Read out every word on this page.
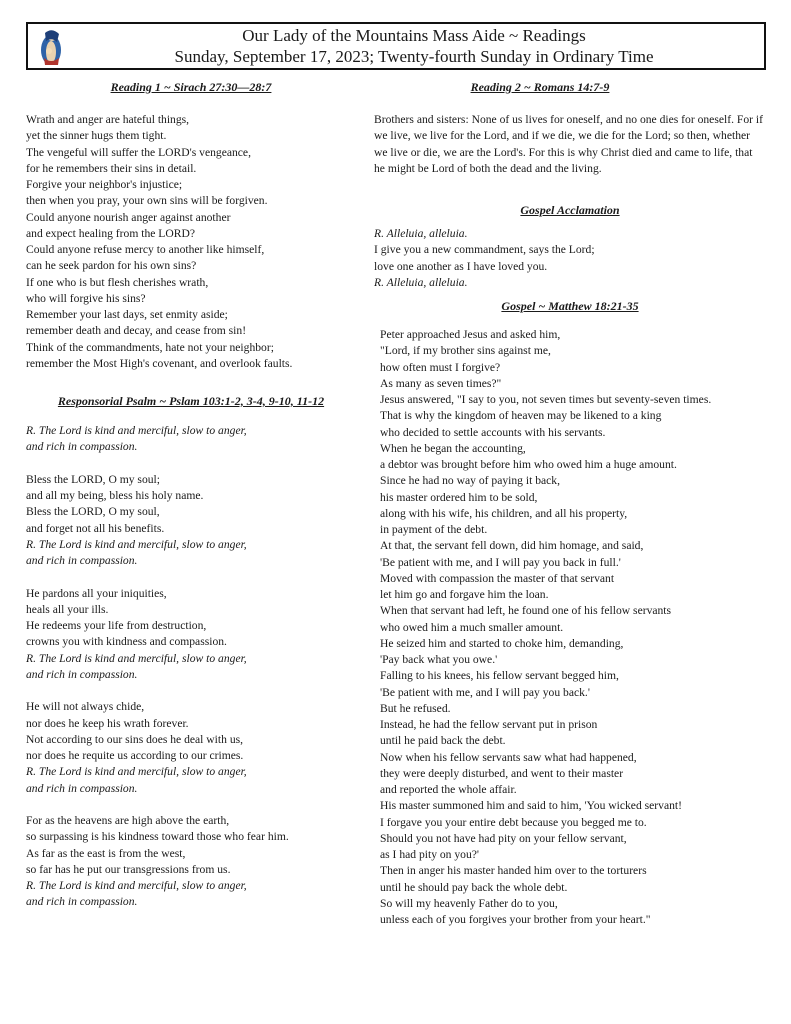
Our Lady of the Mountains Mass Aide ~ Readings
Sunday, September 17, 2023; Twenty-fourth Sunday in Ordinary Time
Reading 1 ~ Sirach 27:30—28:7
Wrath and anger are hateful things,
yet the sinner hugs them tight.
The vengeful will suffer the LORD's vengeance,
for he remembers their sins in detail.
Forgive your neighbor's injustice;
then when you pray, your own sins will be forgiven.
Could anyone nourish anger against another
and expect healing from the LORD?
Could anyone refuse mercy to another like himself,
can he seek pardon for his own sins?
If one who is but flesh cherishes wrath,
who will forgive his sins?
Remember your last days, set enmity aside;
remember death and decay, and cease from sin!
Think of the commandments, hate not your neighbor;
remember the Most High's covenant, and overlook faults.
Responsorial Psalm ~ Pslam 103:1-2, 3-4, 9-10, 11-12
R. The Lord is kind and merciful, slow to anger,
and rich in compassion.
Bless the LORD, O my soul;
and all my being, bless his holy name.
Bless the LORD, O my soul,
and forget not all his benefits.
R. The Lord is kind and merciful, slow to anger,
and rich in compassion.
He pardons all your iniquities,
heals all your ills.
He redeems your life from destruction,
crowns you with kindness and compassion.
R. The Lord is kind and merciful, slow to anger,
and rich in compassion.
He will not always chide,
nor does he keep his wrath forever.
Not according to our sins does he deal with us,
nor does he requite us according to our crimes.
R. The Lord is kind and merciful, slow to anger,
and rich in compassion.
For as the heavens are high above the earth,
so surpassing is his kindness toward those who fear him.
As far as the east is from the west,
so far has he put our transgressions from us.
R. The Lord is kind and merciful, slow to anger,
and rich in compassion.
Reading 2 ~ Romans 14:7-9
Brothers and sisters: None of us lives for oneself, and no one dies for oneself. For if we live, we live for the Lord, and if we die, we die for the Lord; so then, whether we live or die, we are the Lord's. For this is why Christ died and came to life, that he might be Lord of both the dead and the living.
Gospel Acclamation
R. Alleluia, alleluia.
I give you a new commandment, says the Lord;
love one another as I have loved you.
R. Alleluia, alleluia.
Gospel ~ Matthew 18:21-35
Peter approached Jesus and asked him,
"Lord, if my brother sins against me,
how often must I forgive?
As many as seven times?"
Jesus answered, "I say to you, not seven times but seventy-seven times.
That is why the kingdom of heaven may be likened to a king
who decided to settle accounts with his servants.
When he began the accounting,
a debtor was brought before him who owed him a huge amount.
Since he had no way of paying it back,
his master ordered him to be sold,
along with his wife, his children, and all his property,
in payment of the debt.
At that, the servant fell down, did him homage, and said,
'Be patient with me, and I will pay you back in full.'
Moved with compassion the master of that servant
let him go and forgave him the loan.
When that servant had left, he found one of his fellow servants
who owed him a much smaller amount.
He seized him and started to choke him, demanding,
'Pay back what you owe.'
Falling to his knees, his fellow servant begged him,
'Be patient with me, and I will pay you back.'
But he refused.
Instead, he had the fellow servant put in prison
until he paid back the debt.
Now when his fellow servants saw what had happened,
they were deeply disturbed, and went to their master
and reported the whole affair.
His master summoned him and said to him, 'You wicked servant!
I forgave you your entire debt because you begged me to.
Should you not have had pity on your fellow servant,
as I had pity on you?'
Then in anger his master handed him over to the torturers
until he should pay back the whole debt.
So will my heavenly Father do to you,
unless each of you forgives your brother from your heart."
